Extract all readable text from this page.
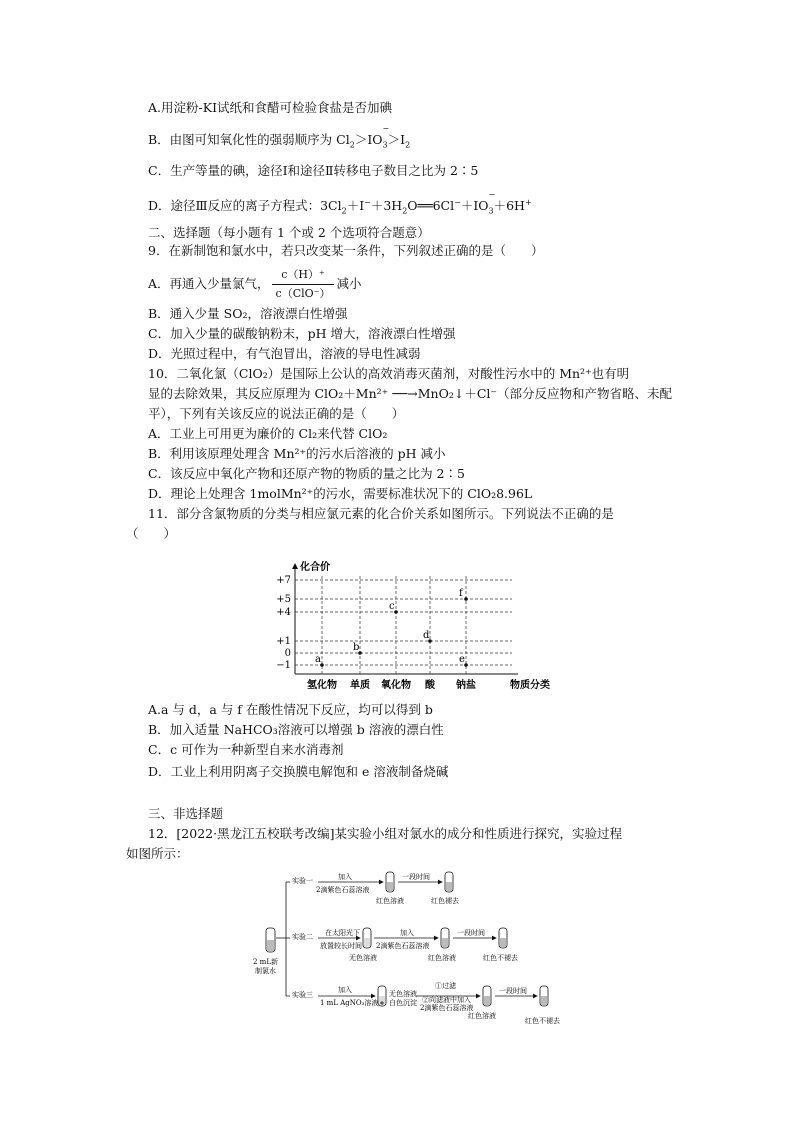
A.用淀粉-KI试纸和食醋可检验食盐是否加碘
B．由图可知氧化性的强弱顺序为 $Cl_2>IO_3$
−
$>I_2$
C．生产等量的碘，途径Ⅰ和途径Ⅱ转移电子数目之比为 2∶5
D．途径Ⅲ反应的离子方程式：$3Cl_2+I^-+3H_2O══6Cl^-+IO_3$
−
＋6H+
二、选择题（每小题有 1 个或 2 个选项符合题意）
9．在新制饱和氯水中，若只改变某一条件，下列叙述正确的是（　　）
A．再通入少量氯气， $\frac{c(H)^+}{\text{c（ClO⁻）}}$ 减小
B．通入少量 SO₂，溶液漂白性增强
C．加入少量的碳酸钠粉末，pH 增大，溶液漂白性增强
D．光照过程中，有气泡冒出，溶液的导电性减弱
10．二氧化氯（ClO₂）是国际上公认的高效消毒灭菌剂，对酸性污水中的 Mn²⁺也有明
显的去除效果，其反应原理为 ClO₂＋Mn²⁺ ──→MnO₂↓＋Cl⁻（部分反应物和产物省略、未配
平），下列有关该反应的说法正确的是（　　）
A．工业上可用更为廉价的 Cl₂来代替 ClO₂
B．利用该原理处理含 Mn²⁺的污水后溶液的 pH 减小
C．该反应中氧化产物和还原产物的物质的量之比为 2∶5
D．理论上处理含 1molMn²⁺的污水，需要标准状况下的 ClO₂8.96L
11．部分含氯物质的分类与相应氯元素的化合价关系如图所示。下列说法不正确的是
（　　）
化合价
+7
+5
+4
+1
0
−1
氢化物 单质 氧化物 酸 钠盐	物质分类
a
b
c
d
e
f
A.a 与 d，a 与 f 在酸性情况下反应，均可以得到 b
B．加入适量 NaHCO₃溶液可以增强 b 溶液的漂白性
C．c 可作为一种新型自来水消毒剂
D．工业上利用阴离子交换膜电解饱和 e 溶液制备烧碱
三、非选择题
12．[2022·黑龙江五校联考改编]某实验小组对氯水的成分和性质进行探究，实验过程
如图所示：
2 mL新
制氯水
实验一	加入
2滴紫色石蕊溶液
一段时间
红色溶液	红色褪去
实验二 在太阳光下
放置较长时间
加入
2滴紫色石蕊溶液
一段时间
无色溶液	红色溶液	红色不褪去
实验三
加入
1 mL AgNO₃溶液
无色溶液
白色沉淀
①过滤
②向滤液中加入
2滴紫色石蕊溶液
一段时间
红色溶液
红色不褪去
